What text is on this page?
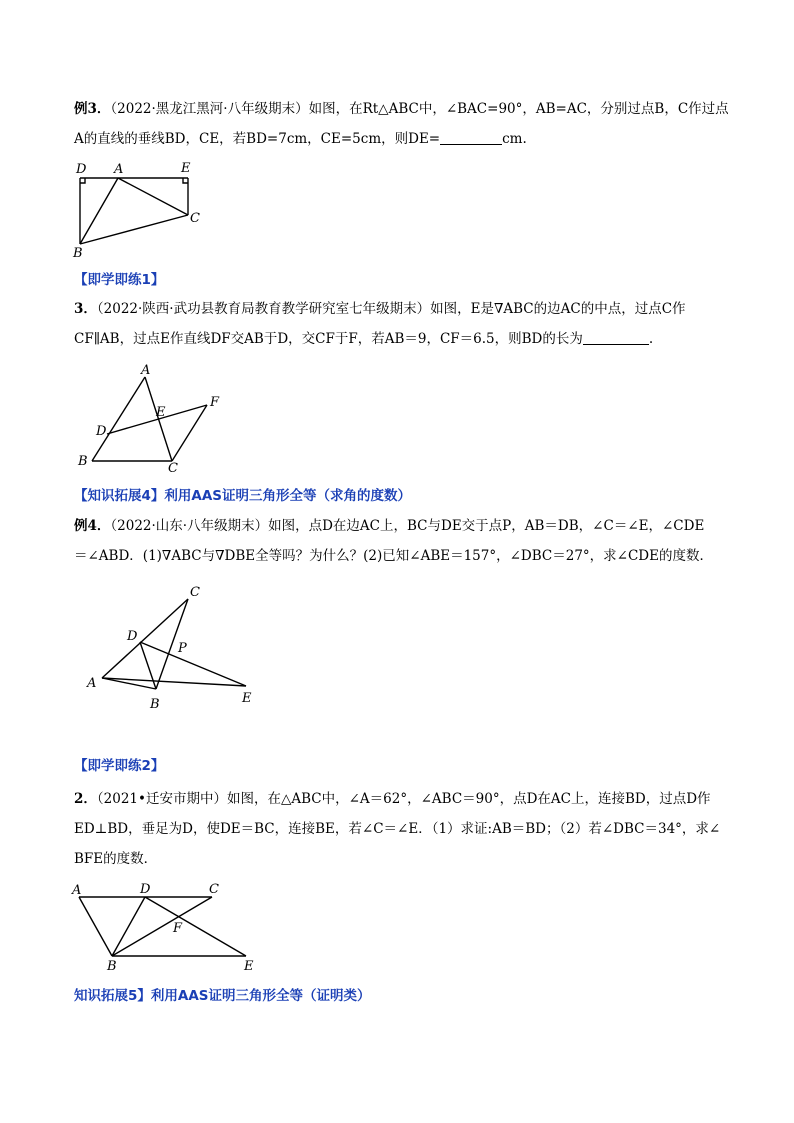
例3．（2022·黑龙江黑河·八年级期末）如图，在Rt△ABC中，∠BAC=90°，AB=AC，分别过点B，C作过点
A的直线的垂线BD，CE，若BD=7cm，CE=5cm，则DE=	cm.
D A	E
C
B
【即学即练1】
3．（2022·陕西·武功县教育局教育教学研究室七年级期末）如图，E是∇ABC的边AC的中点，过点C作
CF∥AB，过点E作直线DF交AB于D，交CF于F，若AB＝9，CF＝6.5，则BD的长为	.
A
E
F
D
B	C
【知识拓展4】利用AAS证明三角形全等（求角的度数）
例4．（2022·山东·八年级期末）如图，点D在边AC上，BC与DE交于点P，AB＝DB，∠C＝∠E，∠CDE
＝∠ABD．(1)∇ABC与∇DBE全等吗？为什么？(2)已知∠ABE＝157°，∠DBC＝27°，求∠CDE的度数．
C
D
P
A
B	E
【即学即练2】
2．（2021•迁安市期中）如图，在△ABC中，∠A＝62°，∠ABC＝90°，点D在AC上，连接BD，过点D作
ED⊥BD，垂足为D，使DE＝BC，连接BE，若∠C＝∠E．（1）求证:AB＝BD；（2）若∠DBC＝34°，求∠
BFE的度数．
A	D	C
F
B	E
知识拓展5】利用AAS证明三角形全等（证明类）
